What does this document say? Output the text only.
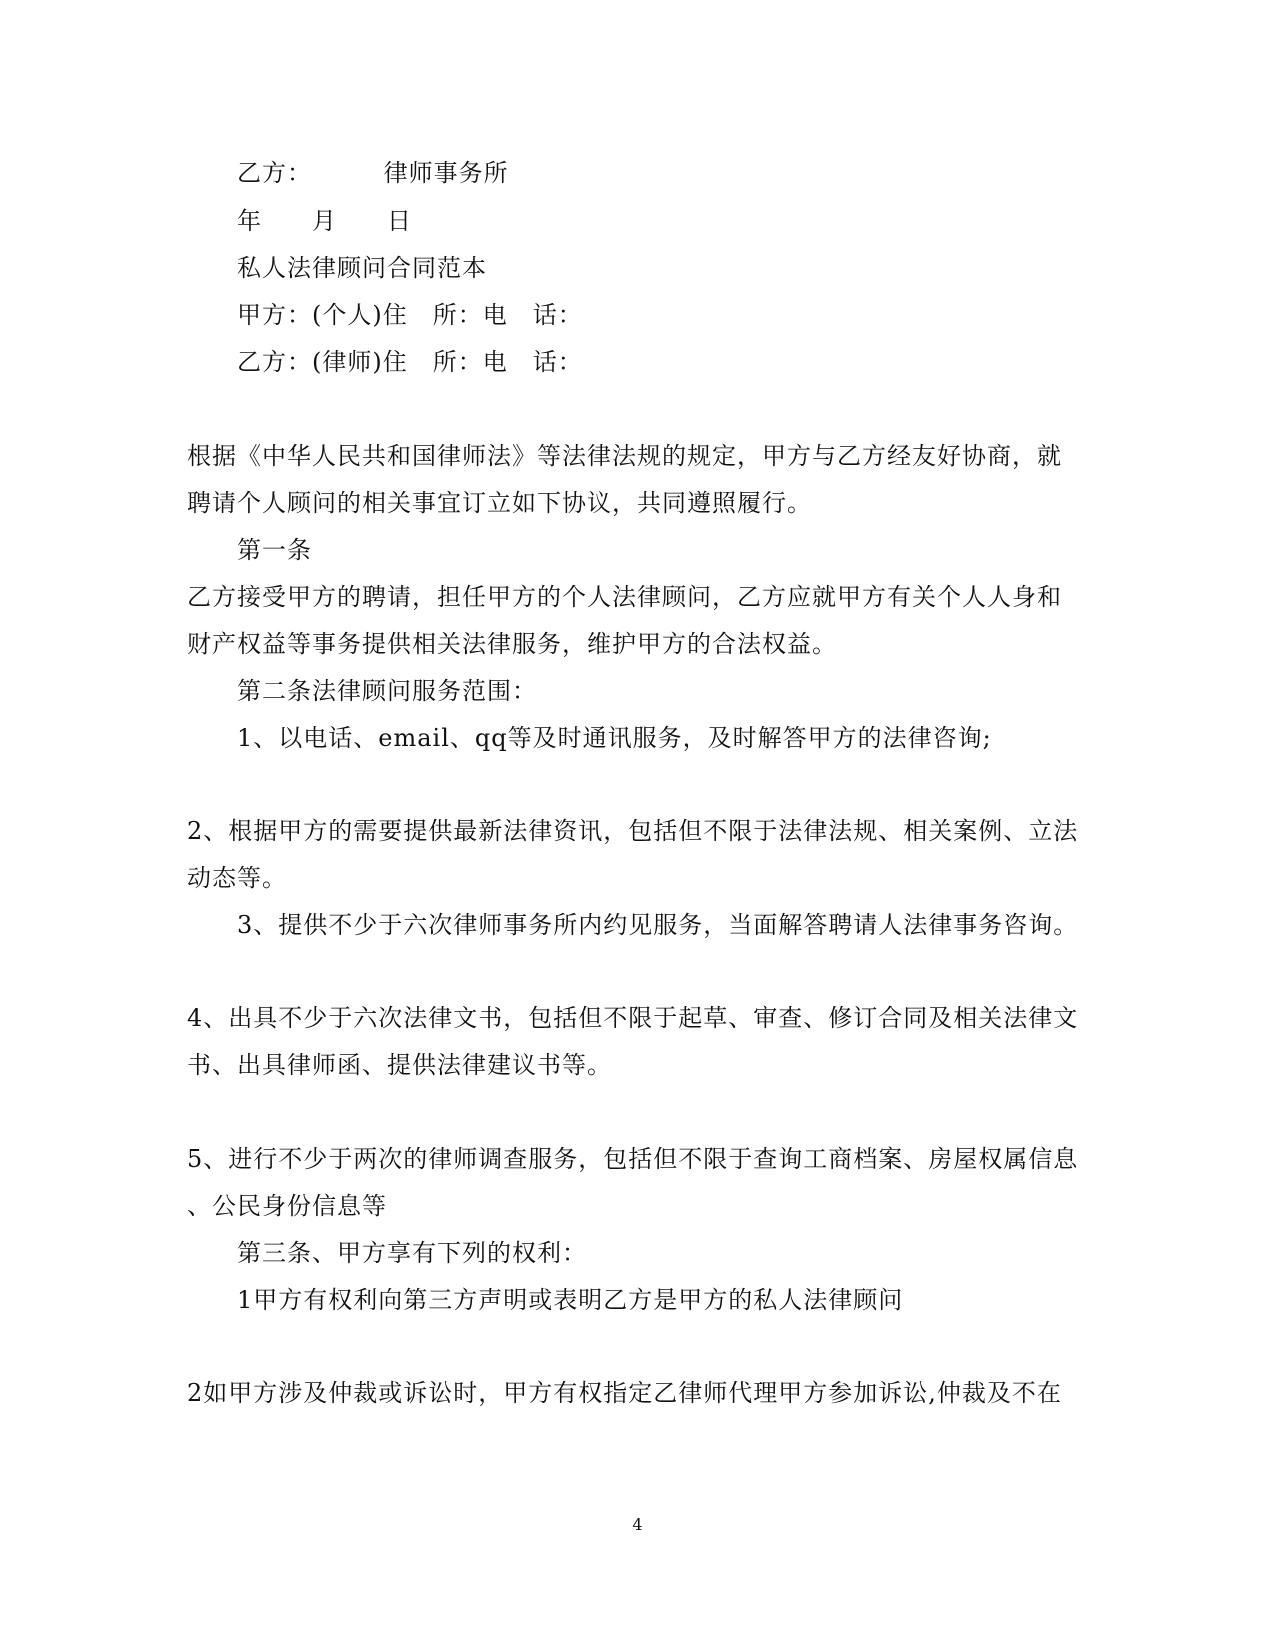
乙方：　　　 律师事务所
年　　月　　日
私人法律顾问合同范本
甲方：(个人)住　所：电　话：
乙方：(律师)住　所：电　话：
根据《中华人民共和国律师法》等法律法规的规定，甲方与乙方经友好协商，就
聘请个人顾问的相关事宜订立如下协议，共同遵照履行。
第一条
乙方接受甲方的聘请，担任甲方的个人法律顾问，乙方应就甲方有关个人人身和
财产权益等事务提供相关法律服务，维护甲方的合法权益。
第二条法律顾问服务范围：
1、以电话、email、qq等及时通讯服务，及时解答甲方的法律咨询;
2、根据甲方的需要提供最新法律资讯，包括但不限于法律法规、相关案例、立法
动态等。
3、提供不少于六次律师事务所内约见服务，当面解答聘请人法律事务咨询。
4、出具不少于六次法律文书，包括但不限于起草、审查、修订合同及相关法律文
书、出具律师函、提供法律建议书等。
5、进行不少于两次的律师调查服务，包括但不限于查询工商档案、房屋权属信息
、公民身份信息等
第三条、甲方享有下列的权利：
1甲方有权利向第三方声明或表明乙方是甲方的私人法律顾问
2如甲方涉及仲裁或诉讼时，甲方有权指定乙律师代理甲方参加诉讼,仲裁及不在
4
